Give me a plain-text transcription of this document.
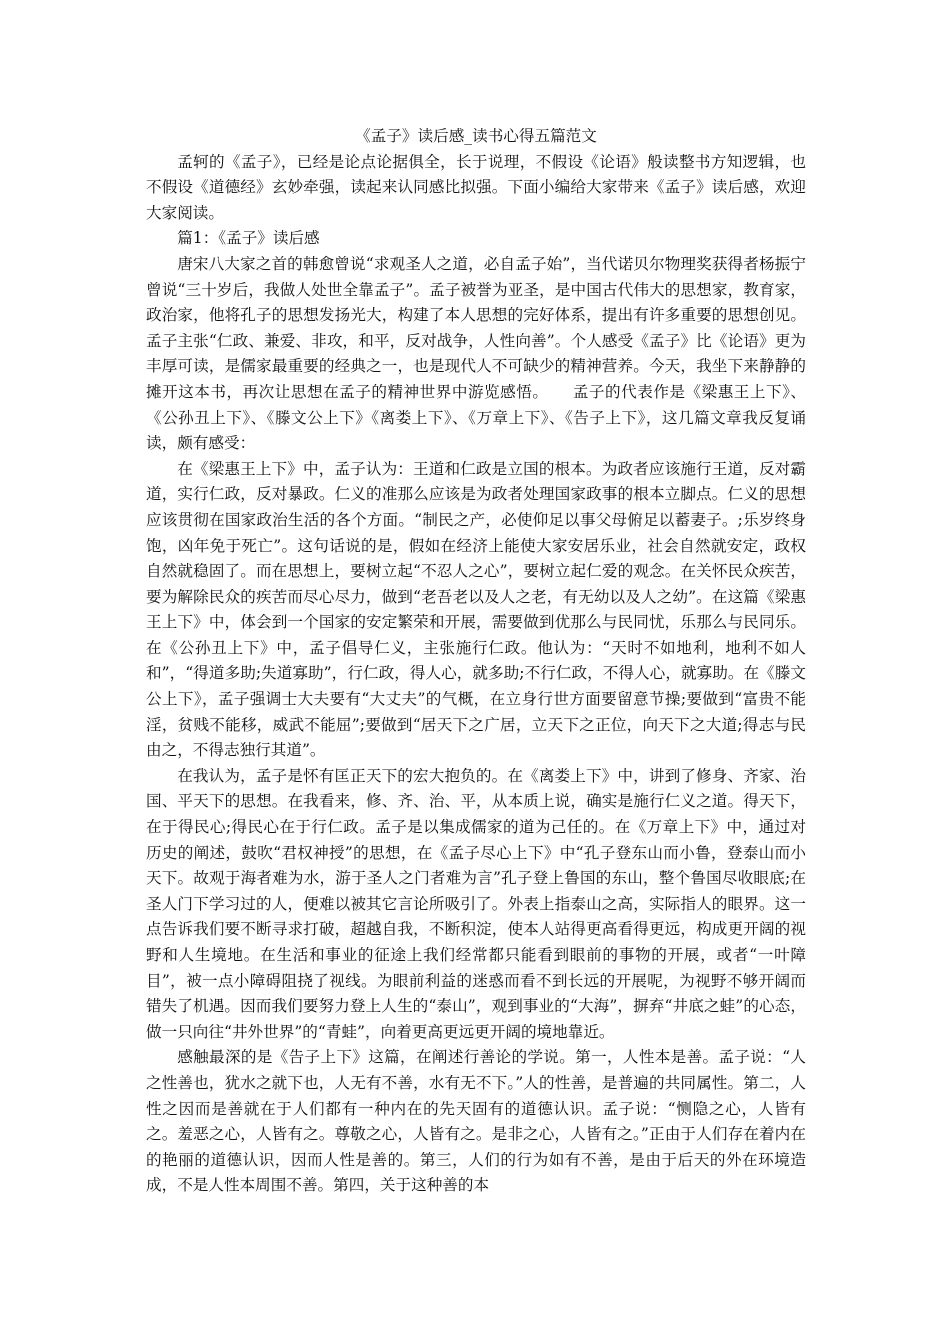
《孟子》读后感_读书心得五篇范文

孟轲的《孟子》，已经是论点论据俱全，长于说理，不假设《论语》般读整书方知逻辑，也不假设《道德经》玄妙牵强，读起来认同感比拟强。下面小编给大家带来《孟子》读后感，欢迎大家阅读。

篇1：《孟子》读后感

唐宋八大家之首的韩愈曾说“求观圣人之道，必自孟子始”，当代诺贝尔物理奖获得者杨振宁曾说“三十岁后，我做人处世全靠孟子”。孟子被誉为亚圣，是中国古代伟大的思想家，教育家，政治家，他将孔子的思想发扬光大，构建了本人思想的完好体系，提出有许多重要的思想创见。孟子主张“仁政、兼爱、非攻，和平，反对战争，人性向善”。个人感受《孟子》比《论语》更为丰厚可读，是儒家最重要的经典之一，也是现代人不可缺少的精神营养。今天，我坐下来静静的摊开这本书，再次让思想在孟子的精神世界中游览感悟。　　孟子的代表作是《梁惠王上下》、《公孙丑上下》、《滕文公上下》《离娄上下》、《万章上下》、《告子上下》，这几篇文章我反复诵读，颇有感受：

在《梁惠王上下》中，孟子认为：王道和仁政是立国的根本。为政者应该施行王道，反对霸道，实行仁政，反对暴政。仁义的准那么应该是为政者处理国家政事的根本立脚点。仁义的思想应该贯彻在国家政治生活的各个方面。“制民之产，必使仰足以事父母俯足以蓄妻子。;乐岁终身饱，凶年免于死亡”。这句话说的是，假如在经济上能使大家安居乐业，社会自然就安定，政权自然就稳固了。而在思想上，要树立起“不忍人之心”，要树立起仁爱的观念。在关怀民众疾苦，要为解除民众的疾苦而尽心尽力，做到“老吾老以及人之老，有无幼以及人之幼”。在这篇《梁惠王上下》中，体会到一个国家的安定繁荣和开展，需要做到优那么与民同忧，乐那么与民同乐。在《公孙丑上下》中，孟子倡导仁义，主张施行仁政。他认为：“天时不如地利，地利不如人和”，“得道多助;失道寡助”，行仁政，得人心，就多助;不行仁政，不得人心，就寡助。在《滕文公上下》，孟子强调士大夫要有“大丈夫”的气概，在立身行世方面要留意节操;要做到“富贵不能淫，贫贱不能移，威武不能屈”;要做到“居天下之广居，立天下之正位，向天下之大道;得志与民由之，不得志独行其道”。

在我认为，孟子是怀有匡正天下的宏大抱负的。在《离娄上下》中，讲到了修身、齐家、治国、平天下的思想。在我看来，修、齐、治、平，从本质上说，确实是施行仁义之道。得天下，在于得民心;得民心在于行仁政。孟子是以集成儒家的道为己任的。在《万章上下》中，通过对历史的阐述，鼓吹“君权神授”的思想，在《孟子尽心上下》中“孔子登东山而小鲁，登泰山而小天下。故观于海者难为水，游于圣人之门者难为言”孔子登上鲁国的东山，整个鲁国尽收眼底;在圣人门下学习过的人，便难以被其它言论所吸引了。外表上指泰山之高，实际指人的眼界。这一点告诉我们要不断寻求打破，超越自我，不断积淀，使本人站得更高看得更远，构成更开阔的视野和人生境地。在生活和事业的征途上我们经常都只能看到眼前的事物的开展，或者“一叶障目”，被一点小障碍阻挠了视线。为眼前利益的迷惑而看不到长远的开展呢，为视野不够开阔而错失了机遇。因而我们要努力登上人生的“泰山”，观到事业的“大海”，摒弃“井底之蛙”的心态，做一只向往“井外世界”的“青蛙”，向着更高更远更开阔的境地靠近。

感触最深的是《告子上下》这篇，在阐述行善论的学说。第一，人性本是善。孟子说：“人之性善也，犹水之就下也，人无有不善，水有无不下。”人的性善，是普遍的共同属性。第二，人性之因而是善就在于人们都有一种内在的先天固有的道德认识。孟子说：“恻隐之心，人皆有之。羞恶之心，人皆有之。尊敬之心，人皆有之。是非之心，人皆有之。”正由于人们存在着内在的艳丽的道德认识，因而人性是善的。第三，人们的行为如有不善，是由于后天的外在环境造成，不是人性本周围不善。第四，关于这种善的本
